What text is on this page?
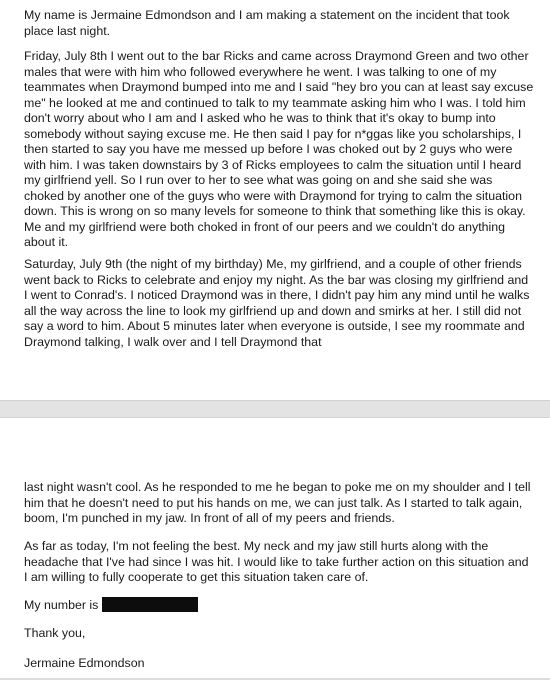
My name is Jermaine Edmondson and I am making a statement on the incident that took place last night.

Friday, July 8th I went out to the bar Ricks and came across Draymond Green and two other males that were with him who followed everywhere he went. I was talking to one of my teammates when Draymond bumped into me and I said "hey bro you can at least say excuse me" he looked at me and continued to talk to my teammate asking him who I was. I told him don't worry about who I am and I asked who he was to think that it's okay to bump into somebody without saying excuse me. He then said I pay for n*ggas like you scholarships, I then started to say you have me messed up before I was choked out by 2 guys who were with him. I was taken downstairs by 3 of Ricks employees to calm the situation until I heard my girlfriend yell. So I run over to her to see what was going on and she said she was choked by another one of the guys who were with Draymond for trying to calm the situation down. This is wrong on so many levels for someone to think that something like this is okay. Me and my girlfriend were both choked in front of our peers and we couldn't do anything about it.

Saturday, July 9th (the night of my birthday) Me, my girlfriend, and a couple of other friends went back to Ricks to celebrate and enjoy my night. As the bar was closing my girlfriend and I went to Conrad's. I noticed Draymond was in there, I didn't pay him any mind until he walks all the way across the line to look my girlfriend up and down and smirks at her. I still did not say a word to him. About 5 minutes later when everyone is outside, I see my roommate and Draymond talking, I walk over and I tell Draymond that

last night wasn't cool. As he responded to me he began to poke me on my shoulder and I tell him that he doesn't need to put his hands on me, we can just talk. As I started to talk again, boom, I'm punched in my jaw. In front of all of my peers and friends.

As far as today, I'm not feeling the best. My neck and my jaw still hurts along with the headache that I've had since I was hit. I would like to take further action on this situation and I am willing to fully cooperate to get this situation taken care of.

My number is

Thank you,

Jermaine Edmondson
